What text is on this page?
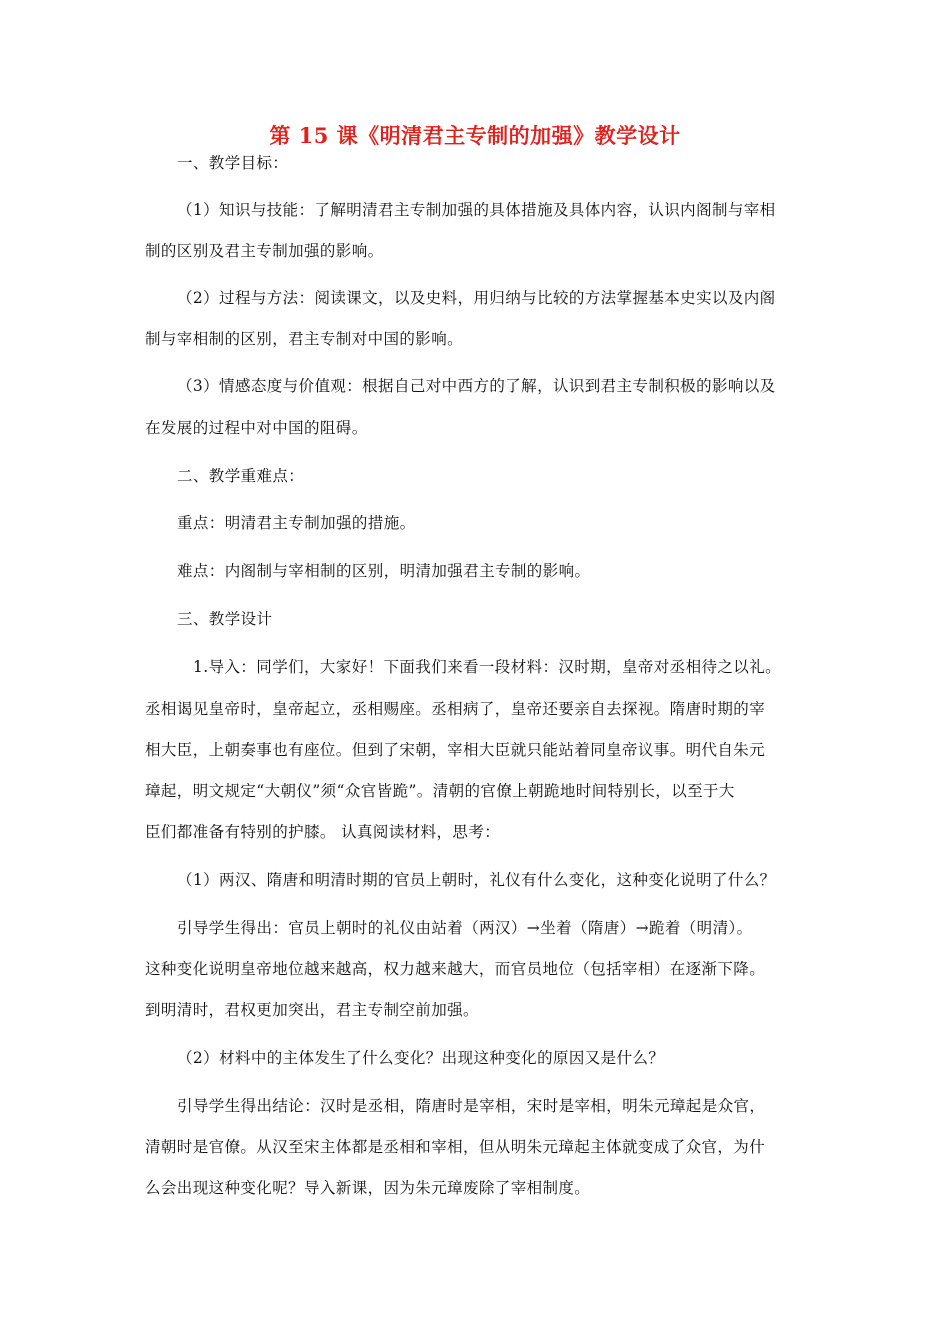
第 15 课《明清君主专制的加强》教学设计
一、教学目标：
（1）知识与技能：了解明清君主专制加强的具体措施及具体内容，认识内阁制与宰相
制的区别及君主专制加强的影响。
（2）过程与方法：阅读课文，以及史料，用归纳与比较的方法掌握基本史实以及内阁
制与宰相制的区别，君主专制对中国的影响。
（3）情感态度与价值观：根据自己对中西方的了解，认识到君主专制积极的影响以及
在发展的过程中对中国的阻碍。
二、教学重难点：
重点：明清君主专制加强的措施。
难点：内阁制与宰相制的区别，明清加强君主专制的影响。
三、教学设计
1.导入：同学们，大家好！下面我们来看一段材料：汉时期，皇帝对丞相待之以礼。
丞相谒见皇帝时，皇帝起立，丞相赐座。丞相病了，皇帝还要亲自去探视。隋唐时期的宰
相大臣，上朝奏事也有座位。但到了宋朝，宰相大臣就只能站着同皇帝议事。明代自朱元
璋起，明文规定“大朝仪”须“众官皆跪”。清朝的官僚上朝跪地时间特别长，以至于大
臣们都准备有特别的护膝。 认真阅读材料，思考：
（1）两汉、隋唐和明清时期的官员上朝时，礼仪有什么变化，这种变化说明了什么？
引导学生得出：官员上朝时的礼仪由站着（两汉）→坐着（隋唐）→跪着（明清）。
这种变化说明皇帝地位越来越高，权力越来越大，而官员地位（包括宰相）在逐渐下降。
到明清时，君权更加突出，君主专制空前加强。
（2）材料中的主体发生了什么变化？出现这种变化的原因又是什么？
引导学生得出结论：汉时是丞相，隋唐时是宰相，宋时是宰相，明朱元璋起是众官，
清朝时是官僚。从汉至宋主体都是丞相和宰相，但从明朱元璋起主体就变成了众官，为什
么会出现这种变化呢？导入新课，因为朱元璋废除了宰相制度。
